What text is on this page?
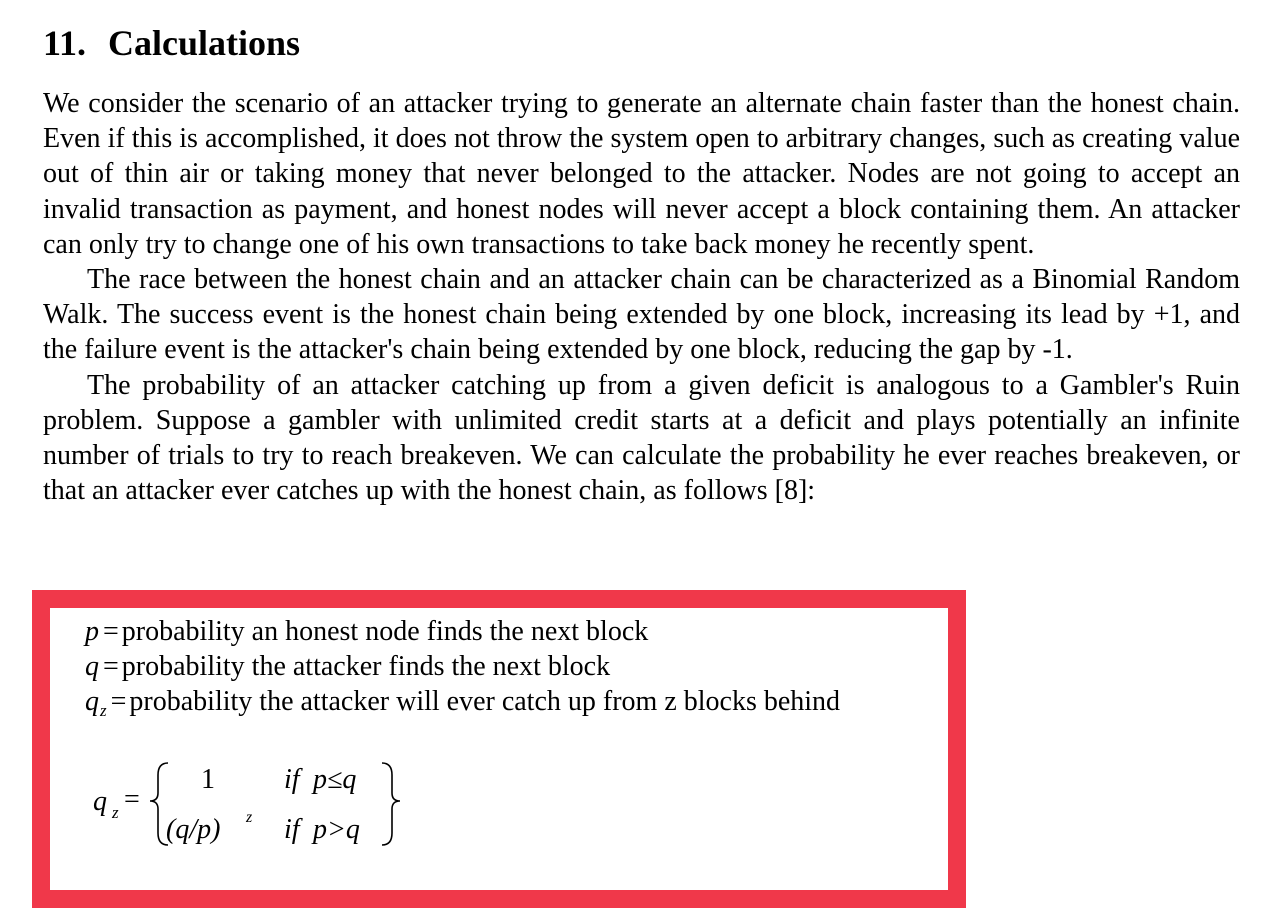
11. Calculations

We consider the scenario of an attacker trying to generate an alternate chain faster than the honest chain. Even if this is accomplished, it does not throw the system open to arbitrary changes, such as creating value out of thin air or taking money that never belonged to the attacker. Nodes are not going to accept an invalid transaction as payment, and honest nodes will never accept a block containing them. An attacker can only try to change one of his own transactions to take back money he recently spent.

The race between the honest chain and an attacker chain can be characterized as a Binomial Random Walk. The success event is the honest chain being extended by one block, increasing its lead by +1, and the failure event is the attacker's chain being extended by one block, reducing the gap by -1.

The probability of an attacker catching up from a given deficit is analogous to a Gambler's Ruin problem. Suppose a gambler with unlimited credit starts at a deficit and plays potentially an infinite number of trials to try to reach breakeven. We can calculate the probability he ever reaches breakeven, or that an attacker ever catches up with the honest chain, as follows [8]:

p = probability an honest node finds the next block
q = probability the attacker finds the next block
$q_z$ = probability the attacker will ever catch up from z blocks behind
q z =
1 if p≤q
(q/p) z if p>q
